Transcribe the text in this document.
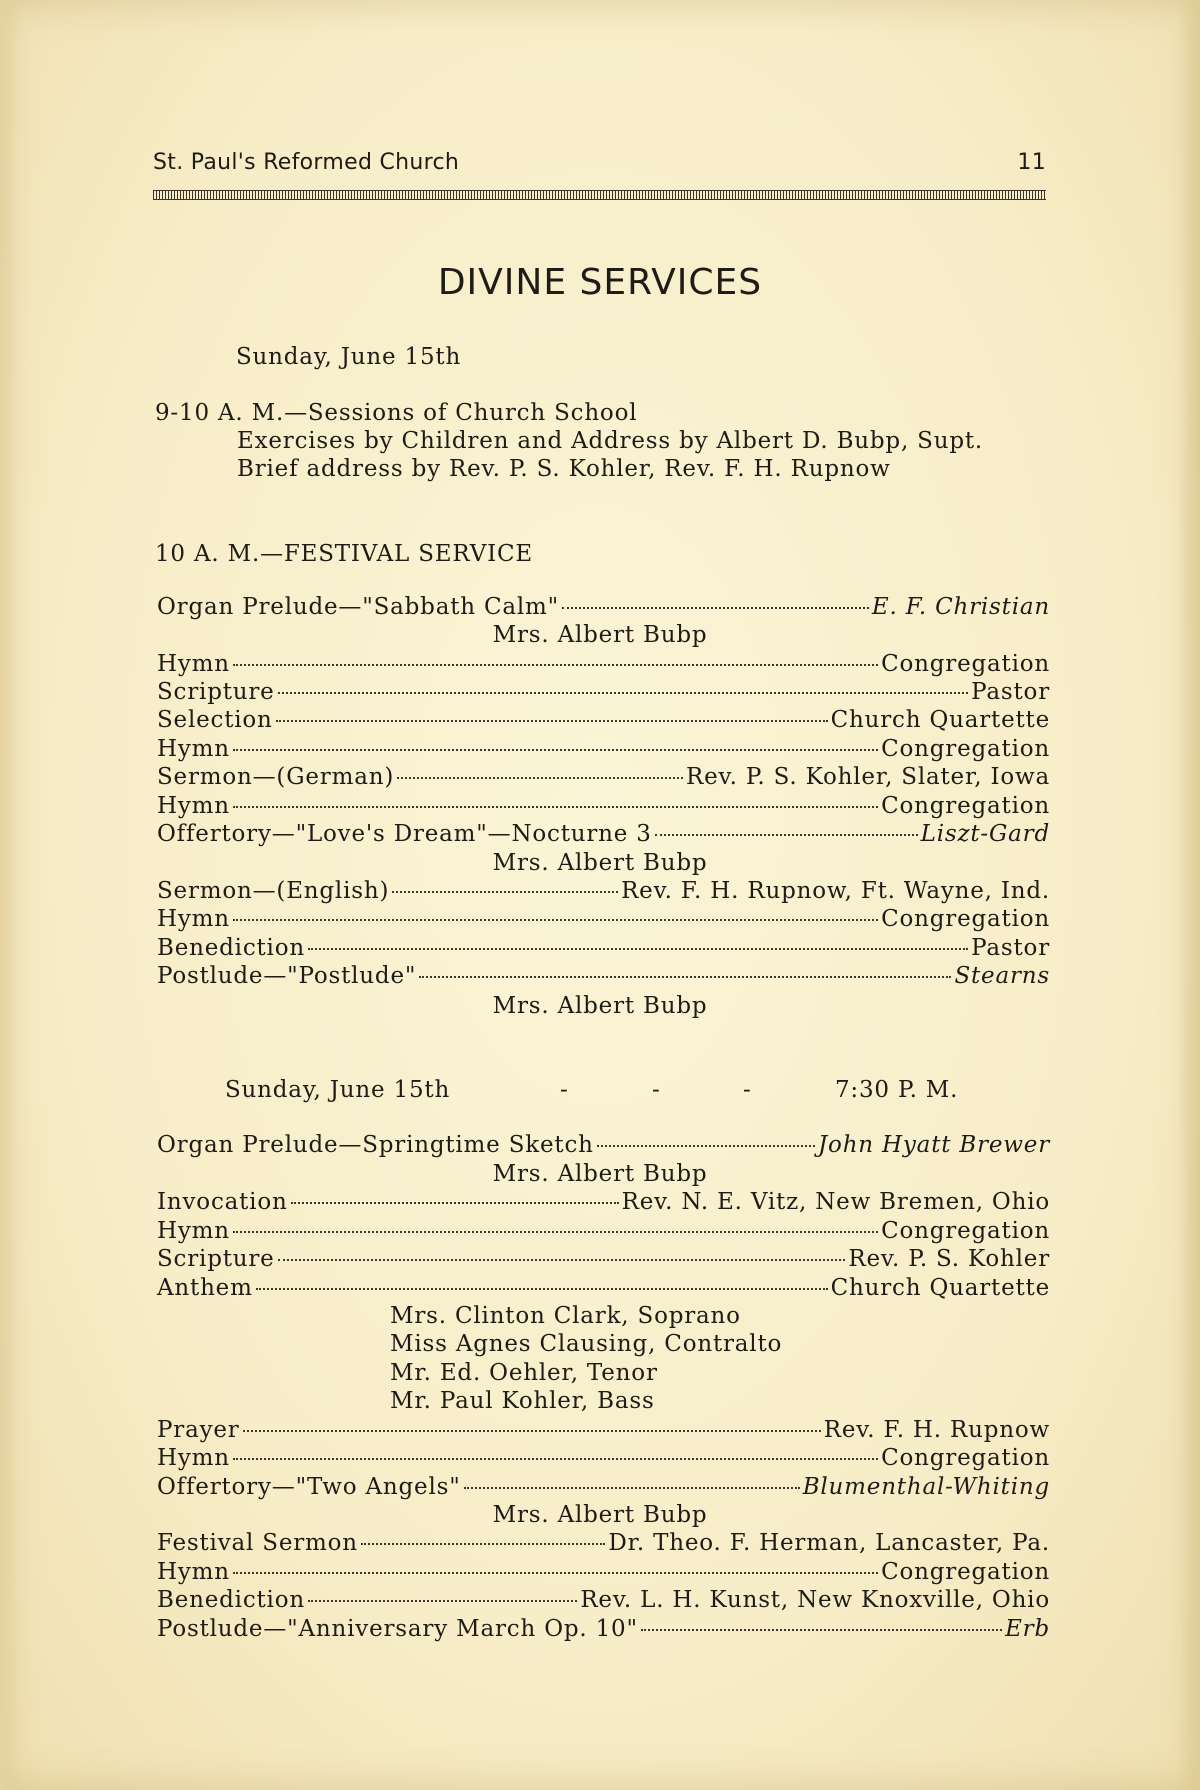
St. Paul's Reformed Church	11
DIVINE SERVICES
Sunday, June 15th
9-10 A. M.—Sessions of Church School
Exercises by Children and Address by Albert D. Bubp, Supt.
Brief address by Rev. P. S. Kohler, Rev. F. H. Rupnow
10 A. M.—FESTIVAL SERVICE
Organ Prelude—"Sabbath Calm"	E. F. Christian
Mrs. Albert Bubp
Hymn	Congregation
Scripture	Pastor
Selection	Church Quartette
Hymn	Congregation
Sermon—(German)	Rev. P. S. Kohler, Slater, Iowa
Hymn	Congregation
Offertory—"Love's Dream"—Nocturne 3	Liszt-Gard
Mrs. Albert Bubp
Sermon—(English)	Rev. F. H. Rupnow, Ft. Wayne, Ind.
Hymn	Congregation
Benediction	Pastor
Postlude—"Postlude"	Stearns
Mrs. Albert Bubp
Sunday, June 15th	-	-	-	7:30 P. M.
Organ Prelude—Springtime Sketch	John Hyatt Brewer
Mrs. Albert Bubp
Invocation	Rev. N. E. Vitz, New Bremen, Ohio
Hymn	Congregation
Scripture	Rev. P. S. Kohler
Anthem	Church Quartette
Mrs. Clinton Clark, Soprano
Miss Agnes Clausing, Contralto
Mr. Ed. Oehler, Tenor
Mr. Paul Kohler, Bass
Prayer	Rev. F. H. Rupnow
Hymn	Congregation
Offertory—"Two Angels"	Blumenthal-Whiting
Mrs. Albert Bubp
Festival Sermon	Dr. Theo. F. Herman, Lancaster, Pa.
Hymn	Congregation
Benediction	Rev. L. H. Kunst, New Knoxville, Ohio
Postlude—"Anniversary March Op. 10"	Erb
